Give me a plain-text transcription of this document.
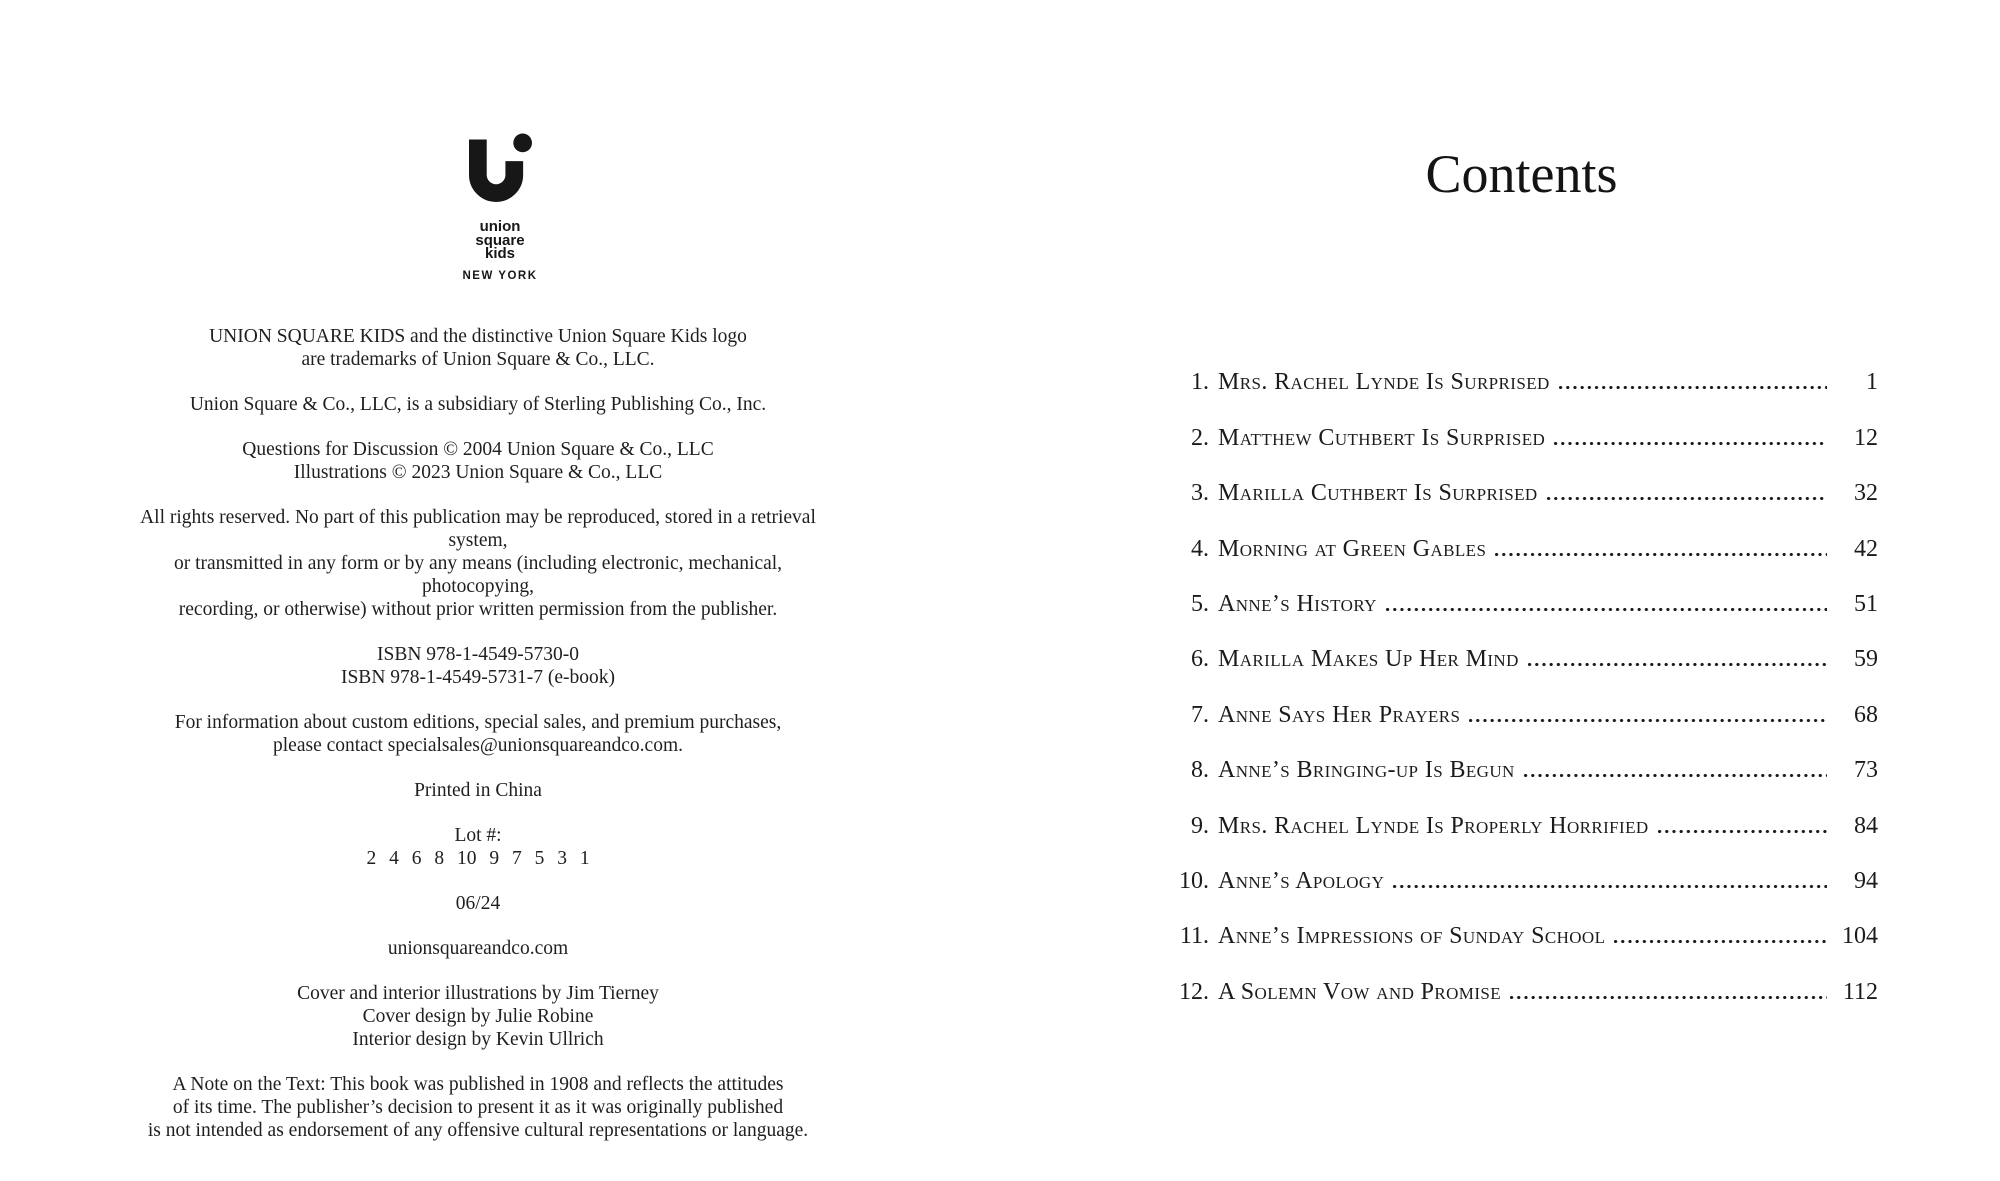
union
square
kids
NEW YORK

UNION SQUARE KIDS and the distinctive Union Square Kids logo
are trademarks of Union Square & Co., LLC.

Union Square & Co., LLC, is a subsidiary of Sterling Publishing Co., Inc.

Questions for Discussion © 2004 Union Square & Co., LLC
Illustrations © 2023 Union Square & Co., LLC

All rights reserved. No part of this publication may be reproduced, stored in a retrieval system,
or transmitted in any form or by any means (including electronic, mechanical, photocopying,
recording, or otherwise) without prior written permission from the publisher.

ISBN 978-1-4549-5730-0
ISBN 978-1-4549-5731-7 (e-book)

For information about custom editions, special sales, and premium purchases,
please contact specialsales@unionsquareandco.com.

Printed in China

Lot #:
2 4 6 8 10 9 7 5 3 1

06/24

unionsquareandco.com

Cover and interior illustrations by Jim Tierney
Cover design by Julie Robine
Interior design by Kevin Ullrich

A Note on the Text: This book was published in 1908 and reflects the attitudes
of its time. The publisher’s decision to present it as it was originally published
is not intended as endorsement of any offensive cultural representations or language.

Contents
1. Mrs. Rachel Lynde Is Surprised	1
2. Matthew Cuthbert Is Surprised	12
3. Marilla Cuthbert Is Surprised	32
4. Morning at Green Gables	42
5. Anne’s History	51
6. Marilla Makes Up Her Mind	59
7. Anne Says Her Prayers	68
8. Anne’s Bringing-up Is Begun	73
9. Mrs. Rachel Lynde Is Properly Horrified	84
10. Anne’s Apology	94
11. Anne’s Impressions of Sunday School	104
12. A Solemn Vow and Promise	112
